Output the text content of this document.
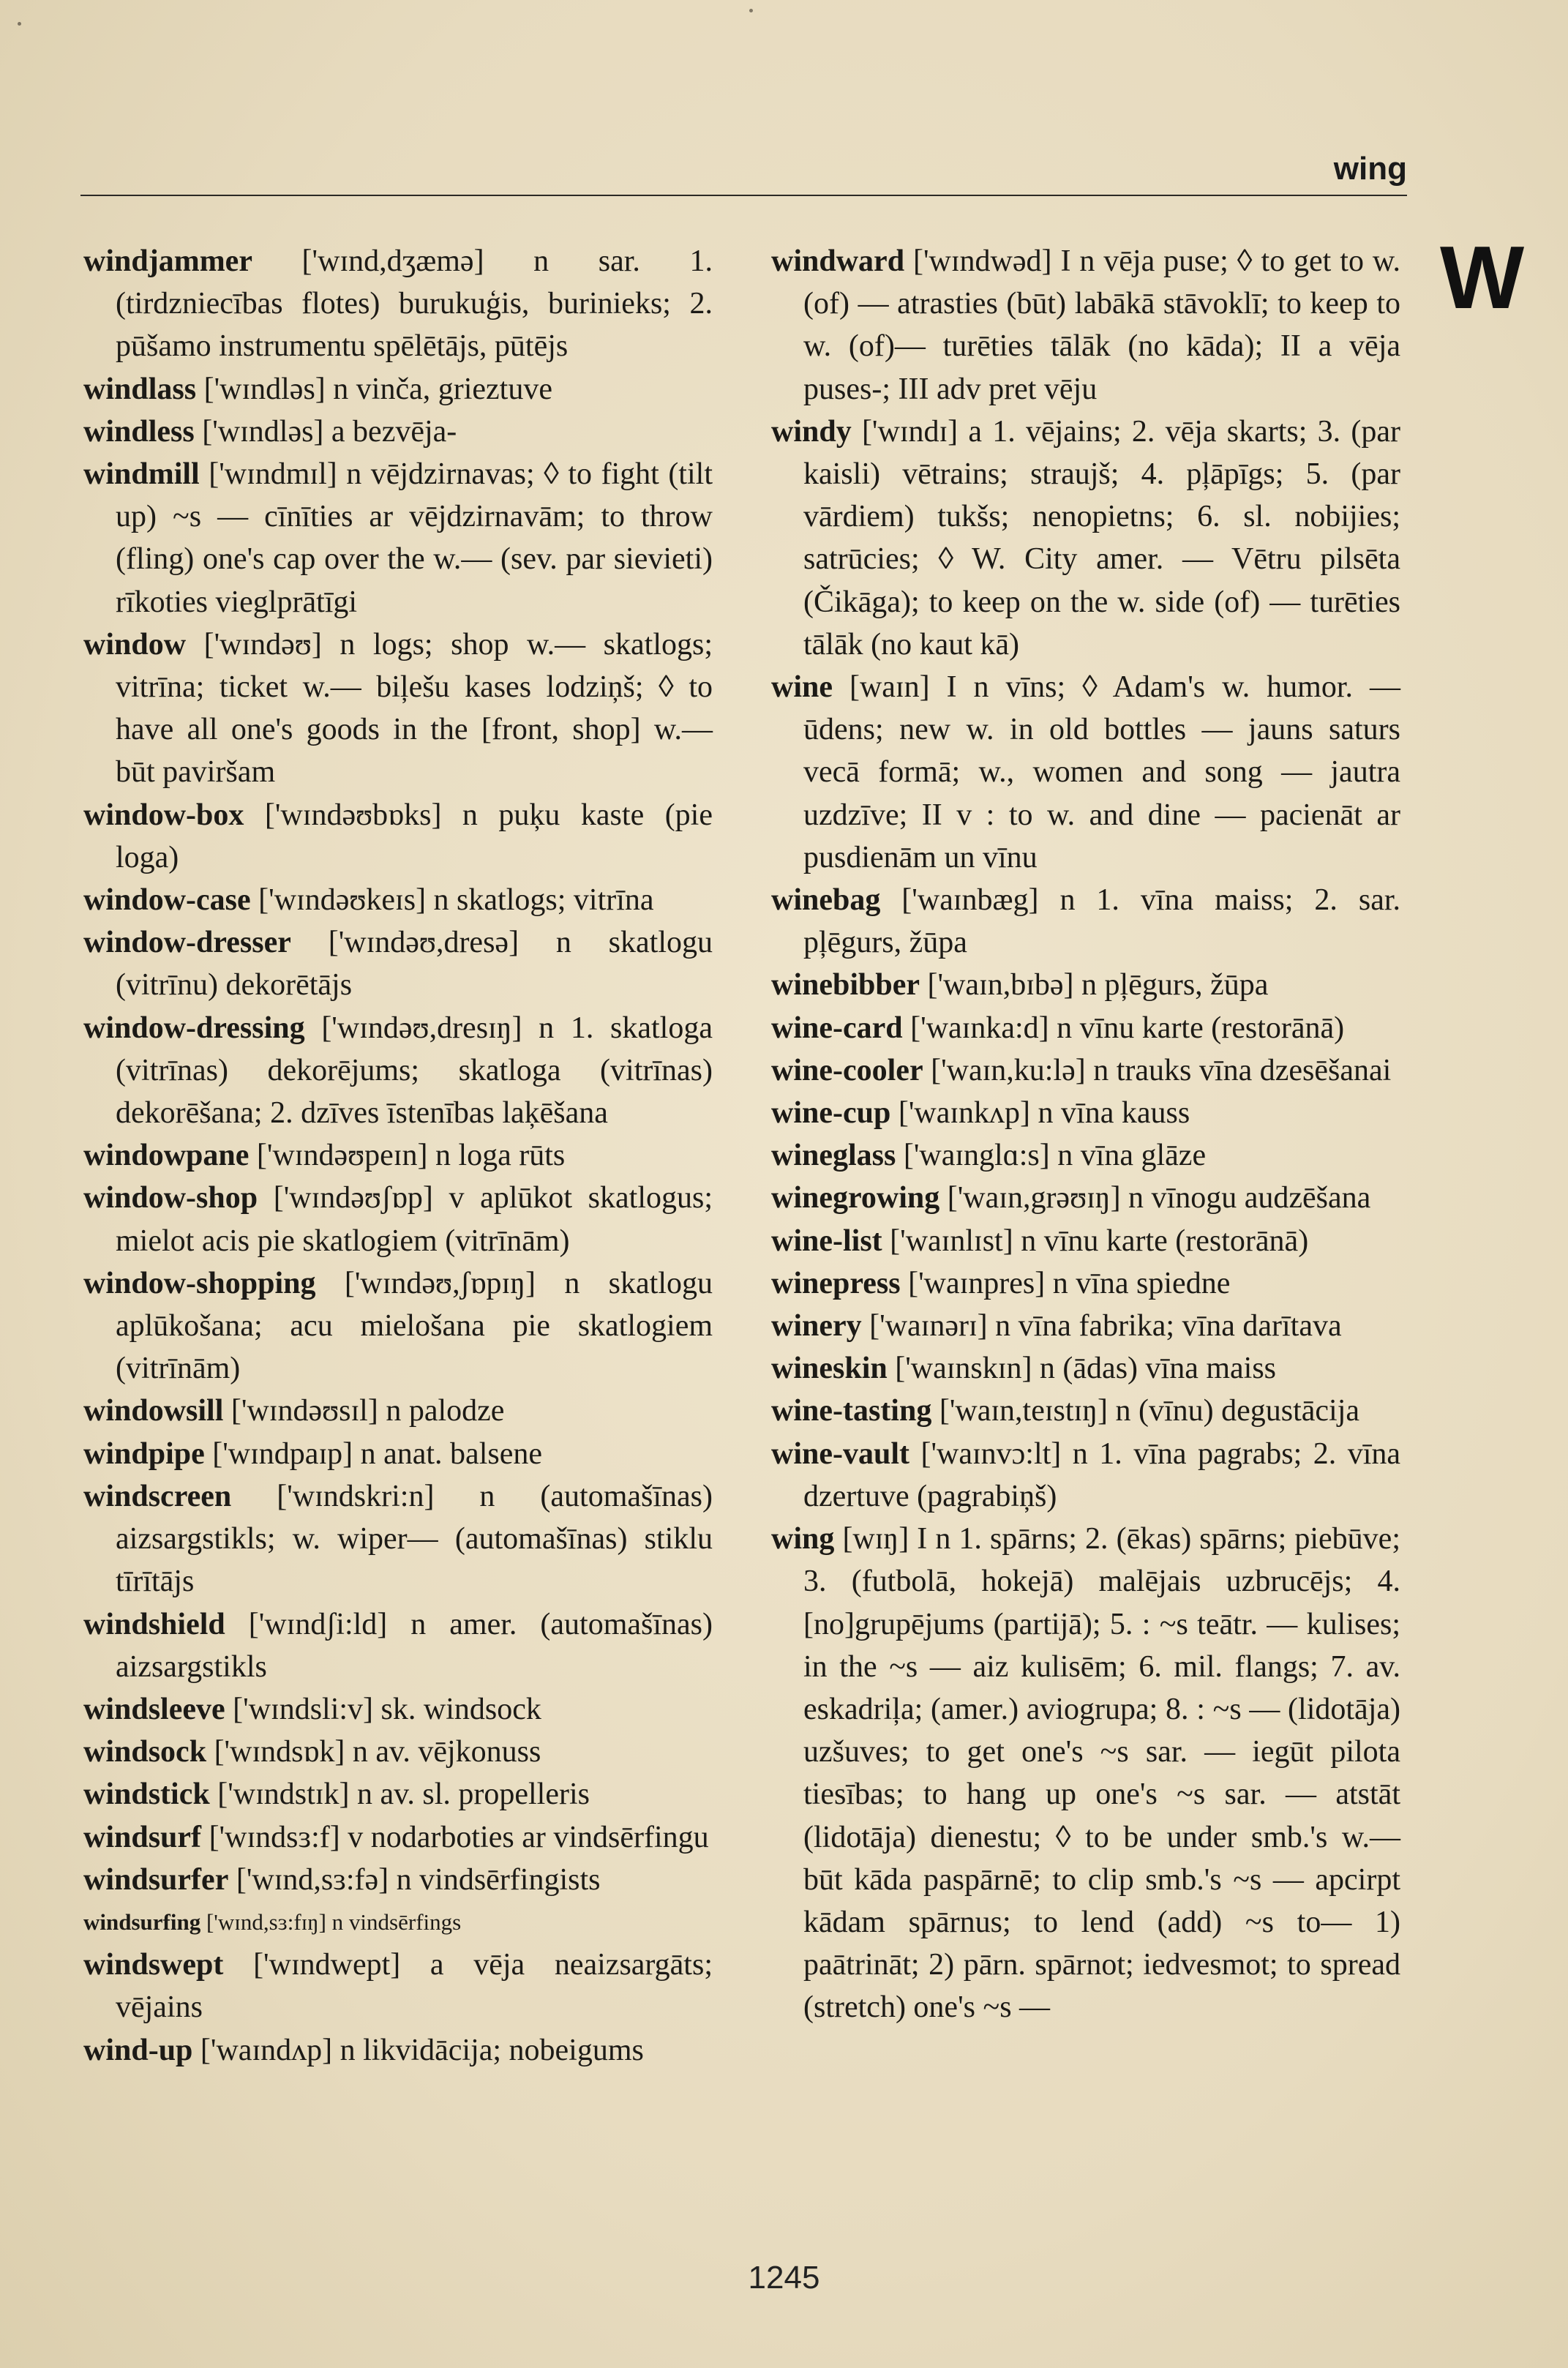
wing
W
windjammer ['wɪnd,dʒæmə] n sar. 1. (tirdzniecības flotes) burukuģis, burinieks; 2. pūšamo instrumentu spēlētājs, pūtējs
windlass ['wɪndləs] n vinča, grieztuve
windless ['wɪndləs] a bezvēja-
windmill ['wɪndmɪl] n vējdzirnavas; ◊ to fight (tilt up) ~s — cīnīties ar vējdzirnavām; to throw (fling) one's cap over the w.— (sev. par sievieti) rīkoties vieglprātīgi
window ['wɪndəʊ] n logs; shop w.— skatlogs; vitrīna; ticket w.— biļešu kases lodziņš; ◊ to have all one's goods in the [front, shop] w.— būt paviršam
window-box ['wɪndəʊbɒks] n puķu kaste (pie loga)
window-case ['wɪndəʊkeɪs] n skatlogs; vitrīna
window-dresser ['wɪndəʊ,dresə] n skatlogu (vitrīnu) dekorētājs
window-dressing ['wɪndəʊ,dresɪŋ] n 1. skatloga (vitrīnas) dekorējums; skatloga (vitrīnas) dekorēšana; 2. dzīves īstenības laķēšana
windowpane ['wɪndəʊpeɪn] n loga rūts
window-shop ['wɪndəʊʃɒp] v aplūkot skatlogus; mielot acis pie skatlogiem (vitrīnām)
window-shopping ['wɪndəʊ,ʃɒpɪŋ] n skatlogu aplūkošana; acu mielošana pie skatlogiem (vitrīnām)
windowsill ['wɪndəʊsɪl] n palodze
windpipe ['wɪndpaɪp] n anat. balsene
windscreen ['wɪndskri:n] n (automašīnas) aizsargstikls; w. wiper— (automašīnas) stiklu tīrītājs
windshield ['wɪndʃi:ld] n amer. (automašīnas) aizsargstikls
windsleeve ['wɪndsli:v] sk. windsock
windsock ['wɪndsɒk] n av. vējkonuss
windstick ['wɪndstɪk] n av. sl. propelleris
windsurf ['wɪndsɜ:f] v nodarboties ar vindsērfingu
windsurfer ['wɪnd,sɜ:fə] n vindsērfingists
windsurfing ['wɪnd,sɜ:fɪŋ] n vindsērfings
windswept ['wɪndwept] a vēja neaizsargāts; vējains
wind-up ['waɪndʌp] n likvidācija; nobeigums
windward ['wɪndwəd] I n vēja puse; ◊ to get to w. (of) — atrasties (būt) labākā stāvoklī; to keep to w. (of)— turēties tālāk (no kāda); II a vēja puses-; III adv pret vēju
windy ['wɪndɪ] a 1. vējains; 2. vēja skarts; 3. (par kaisli) vētrains; straujš; 4. pļāpīgs; 5. (par vārdiem) tukšs; nenopietns; 6. sl. nobijies; satrūcies; ◊ W. City amer. — Vētru pilsēta (Čikāga); to keep on the w. side (of) — turēties tālāk (no kaut kā)
wine [waɪn] I n vīns; ◊ Adam's w. humor. — ūdens; new w. in old bottles — jauns saturs vecā formā; w., women and song — jautra uzdzīve; II v : to w. and dine — pacienāt ar pusdienām un vīnu
winebag ['waɪnbæg] n 1. vīna maiss; 2. sar. pļēgurs, žūpa
winebibber ['waɪn,bɪbə] n pļēgurs, žūpa
wine-card ['waɪnka:d] n vīnu karte (restorānā)
wine-cooler ['waɪn,ku:lə] n trauks vīna dzesēšanai
wine-cup ['waɪnkʌp] n vīna kauss
wineglass ['waɪnglɑ:s] n vīna glāze
winegrowing ['waɪn,grəʊɪŋ] n vīnogu audzēšana
wine-list ['waɪnlɪst] n vīnu karte (restorānā)
winepress ['waɪnpres] n vīna spiedne
winery ['waɪnərɪ] n vīna fabrika; vīna darītava
wineskin ['waɪnskɪn] n (ādas) vīna maiss
wine-tasting ['waɪn,teɪstɪŋ] n (vīnu) degustācija
wine-vault ['waɪnvɔ:lt] n 1. vīna pagrabs; 2. vīna dzertuve (pagrabiņš)
wing [wɪŋ] I n 1. spārns; 2. (ēkas) spārns; piebūve; 3. (futbolā, hokejā) malējais uzbrucējs; 4. [no]grupējums (partijā); 5. : ~s teātr. — kulises; in the ~s — aiz kulisēm; 6. mil. flangs; 7. av. eskadriļa; (amer.) aviogrupa; 8. : ~s — (lidotāja) uzšuves; to get one's ~s sar. — iegūt pilota tiesības; to hang up one's ~s sar. — atstāt (lidotāja) dienestu; ◊ to be under smb.'s w.— būt kāda paspārnē; to clip smb.'s ~s — apcirpt kādam spārnus; to lend (add) ~s to— 1) paātrināt; 2) pārn. spārnot; iedvesmot; to spread (stretch) one's ~s —
1245
